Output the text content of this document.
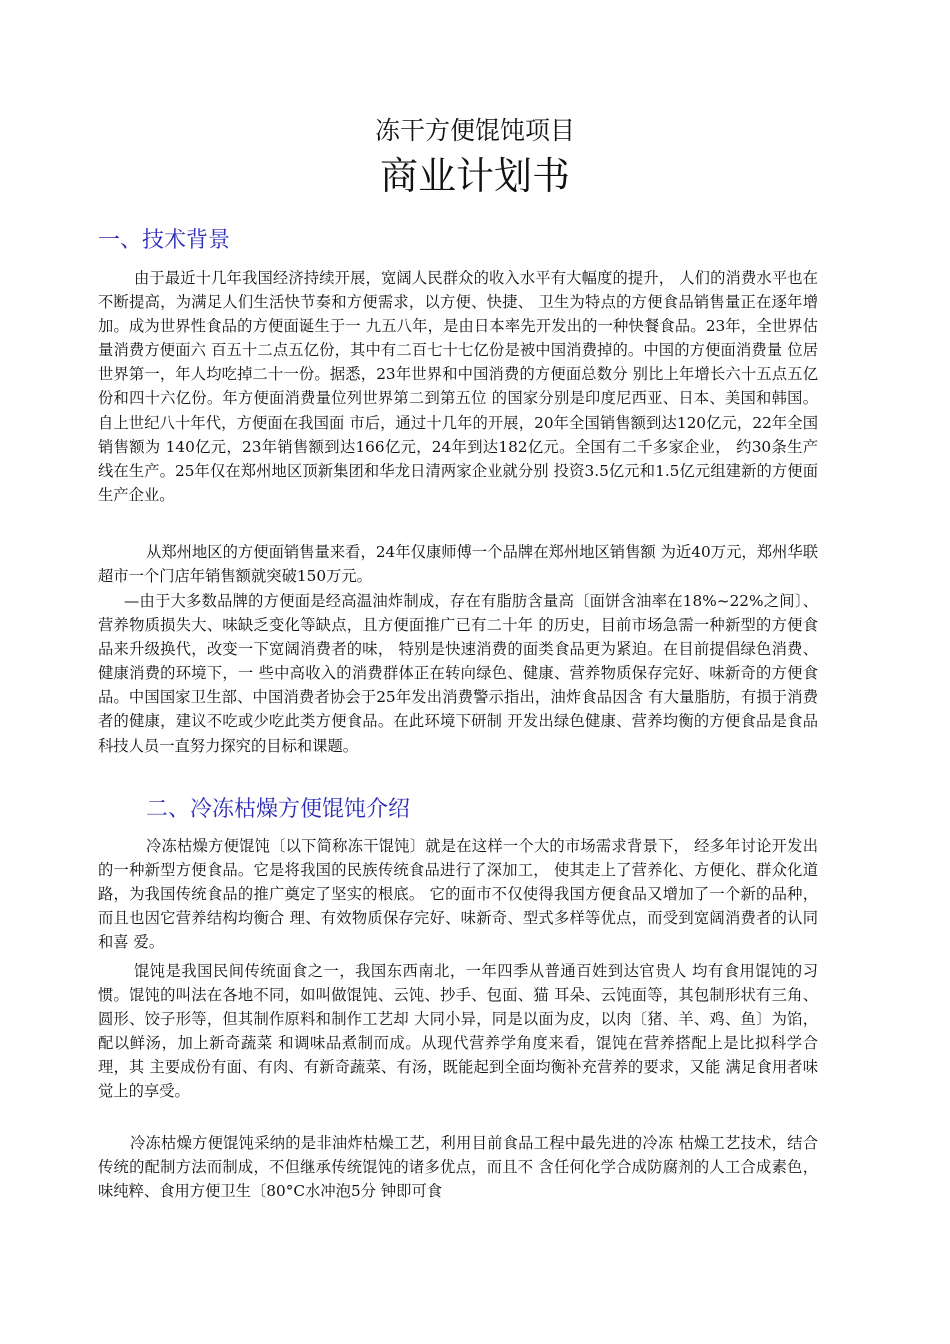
冻干方便馄饨项目
商业计划书
一、技术背景

由于最近十几年我国经济持续开展，宽阔人民群众的收入水平有大幅度的提升， 人们的消费水平也在不断提高，为满足人们生活快节奏和方便需求，以方便、快捷、 卫生为特点的方便食品销售量正在逐年增加。成为世界性食品的方便面诞生于一 九五八年，是由日本率先开发出的一种快餐食品。23年，全世界估量消费方便面六 百五十二点五亿份，其中有二百七十七亿份是被中国消费掉的。中国的方便面消费量 位居世界第一，年人均吃掉二十一份。据悉，23年世界和中国消费的方便面总数分 别比上年增长六十五点五亿份和四十六亿份。年方便面消费量位列世界第二到第五位 的国家分别是印度尼西亚、日本、美国和韩国。自上世纪八十年代，方便面在我国面 市后，通过十几年的开展，20年全国销售额到达120亿元，22年全国销售额为 140亿元，23年销售额到达166亿元，24年到达182亿元。全国有二千多家企业， 约30条生产线在生产。25年仅在郑州地区顶新集团和华龙日清两家企业就分别 投资3.5亿元和1.5亿元组建新的方便面生产企业。

从郑州地区的方便面销售量来看，24年仅康师傅一个品牌在郑州地区销售额 为近40万元，郑州华联超市一个门店年销售额就突破150万元。

—由于大多数品牌的方便面是经高温油炸制成，存在有脂肪含量高〔面饼含油率在18%~22%之间〕、营养物质损失大、味缺乏变化等缺点，且方便面推广已有二十年 的历史，目前市场急需一种新型的方便食品来升级换代，改变一下宽阔消费者的味， 特别是快速消费的面类食品更为紧迫。在目前提倡绿色消费、健康消费的环境下，一 些中高收入的消费群体正在转向绿色、健康、营养物质保存完好、味新奇的方便食 品。中国国家卫生部、中国消费者协会于25年发出消费警示指出，油炸食品因含 有大量脂肪，有损于消费者的健康，建议不吃或少吃此类方便食品。在此环境下研制 开发出绿色健康、营养均衡的方便食品是食品科技人员一直努力探究的目标和课题。

二、冷冻枯燥方便馄饨介绍

冷冻枯燥方便馄饨〔以下简称冻干馄饨〕就是在这样一个大的市场需求背景下， 经多年讨论开发出的一种新型方便食品。它是将我国的民族传统食品进行了深加工， 使其走上了营养化、方便化、群众化道路，为我国传统食品的推广奠定了坚实的根底。 它的面市不仅使得我国方便食品又增加了一个新的品种，而且也因它营养结构均衡合 理、有效物质保存完好、味新奇、型式多样等优点，而受到宽阔消费者的认同和喜 爱。

馄饨是我国民间传统面食之一，我国东西南北，一年四季从普通百姓到达官贵人 均有食用馄饨的习惯。馄饨的叫法在各地不同，如叫做馄饨、云饨、抄手、包面、猫 耳朵、云饨面等，其包制形状有三角、圆形、饺子形等，但其制作原料和制作工艺却 大同小异，同是以面为皮，以肉〔猪、羊、鸡、鱼〕为馅，配以鲜汤，加上新奇蔬菜 和调味品煮制而成。从现代营养学角度来看，馄饨在营养搭配上是比拟科学合理，其 主要成份有面、有肉、有新奇蔬菜、有汤，既能起到全面均衡补充营养的要求，又能 满足食用者味觉上的享受。

冷冻枯燥方便馄饨采纳的是非油炸枯燥工艺，利用目前食品工程中最先进的冷冻 枯燥工艺技术，结合传统的配制方法而制成，不但继承传统馄饨的诸多优点，而且不 含任何化学合成防腐剂的人工合成素色，味纯粹、食用方便卫生〔80°C水冲泡5分 钟即可食
